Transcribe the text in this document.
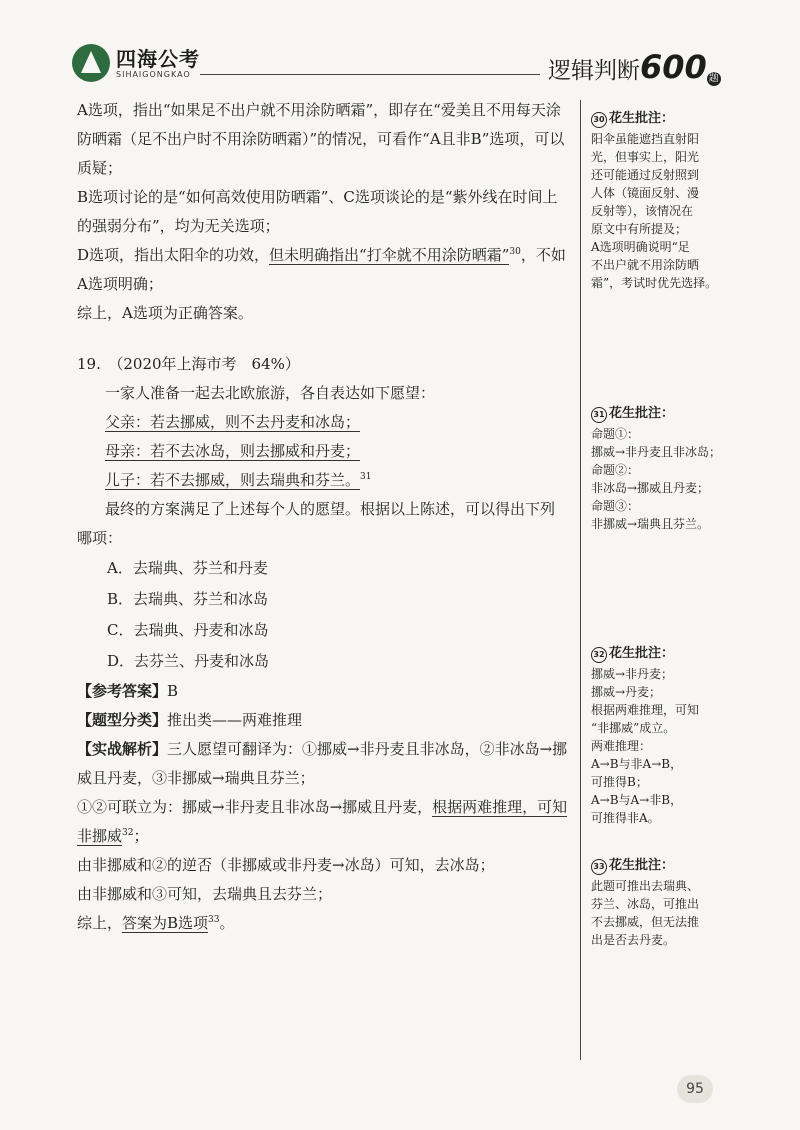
四海公考
SIHAIGONGKAO	逻辑判断600 题

A选项，指出“如果足不出户就不用涂防晒霜”，即存在“爱美且不用每天涂防晒霜（足不出户时不用涂防晒霜）”的情况，可看作“A且非B”选项，可以质疑；

B选项讨论的是“如何高效使用防晒霜”、C选项谈论的是“紫外线在时间上的强弱分布”，均为无关选项；

D选项，指出太阳伞的功效，但未明确指出“打伞就不用涂防晒霜”$^{30}$，不如A选项明确；

综上，A选项为正确答案。

19.　 （2020年上海市考　64%）

一家人准备一起去北欧旅游，各自表达如下愿望：

父亲：若去挪威，则不去丹麦和冰岛；

母亲：若不去冰岛，则去挪威和丹麦；

儿子：若不去挪威，则去瑞典和芬兰。$^{31}$

最终的方案满足了上述每个人的愿望。根据以上陈述，可以得出下列哪项：

A．去瑞典、芬兰和丹麦

B．去瑞典、芬兰和冰岛

C．去瑞典、丹麦和冰岛

D．去芬兰、丹麦和冰岛

【参考答案】B

【题型分类】推出类——两难推理

【实战解析】三人愿望可翻译为：①挪威→非丹麦且非冰岛，②非冰岛→挪威且丹麦，③非挪威→瑞典且芬兰；

①②可联立为：挪威→非丹麦且非冰岛→挪威且丹麦，根据两难推理，可知非挪威$^{32}$；

由非挪威和②的逆否（非挪威或非丹麦→冰岛）可知，去冰岛；

由非挪威和③可知，去瑞典且去芬兰；

综上，答案为B选项$^{33}$。

30 花生批注：

阳伞虽能遮挡直射阳

光，但事实上，阳光

还可能通过反射照到

人体（镜面反射、漫

反射等），该情况在

原文中有所提及；

A选项明确说明“足

不出户就不用涂防晒

霜”，考试时优先选择。

31 花生批注：

命题①：

挪威→非丹麦且非冰岛；

命题②：

非冰岛→挪威且丹麦；

命题③：

非挪威→瑞典且芬兰。

32 花生批注：

挪威→非丹麦；

挪威→丹麦；

根据两难推理，可知

“非挪威”成立。

两难推理：

A→B与非A→B，

可推得B；

A→B与A→非B，

可推得非A。

33 花生批注：

此题可推出去瑞典、

芬兰、冰岛，可推出

不去挪威，但无法推

出是否去丹麦。

95
